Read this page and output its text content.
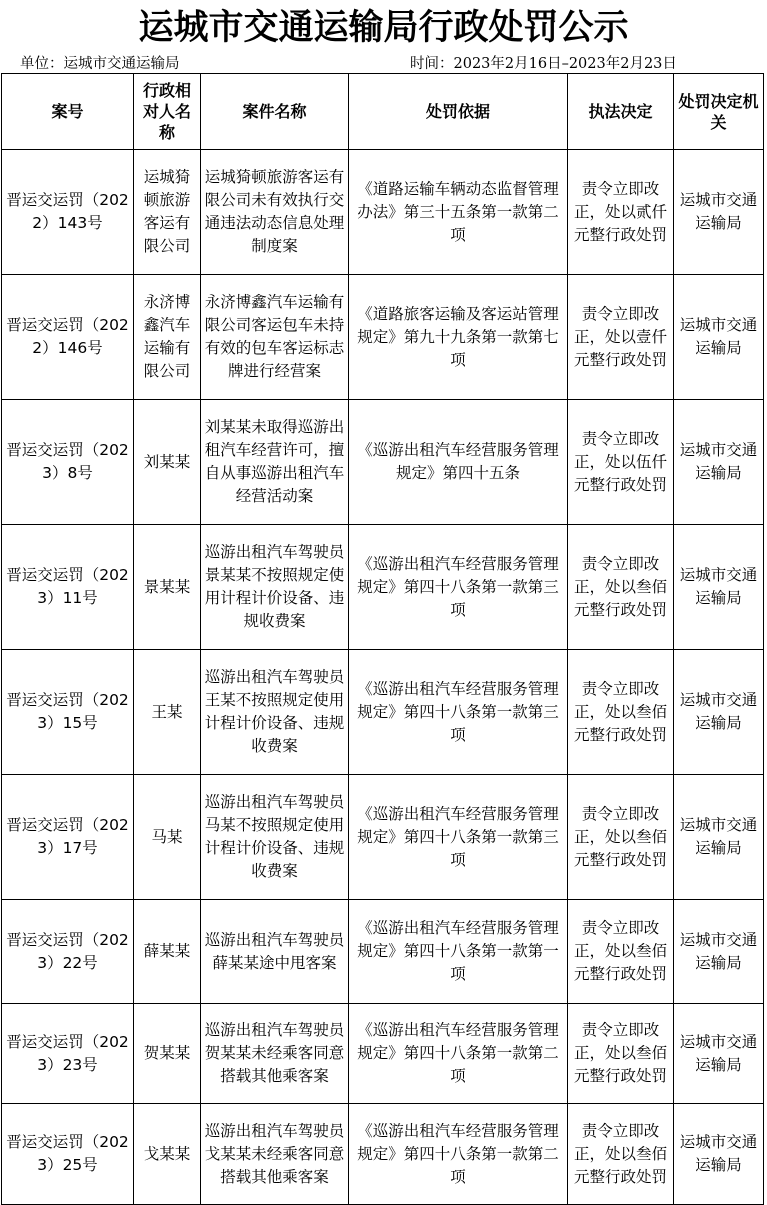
运城市交通运输局行政处罚公示
单位：运城市交通运输局	时间：2023年2月16日–2023年2月23日
案号	行政相对人名称	案件名称	处罚依据	执法决定	处罚决定机关
晋运交运罚（2022）143号	运城猗顿旅游客运有限公司	运城猗顿旅游客运有限公司未有效执行交通违法动态信息处理制度案	《道路运输车辆动态监督管理办法》第三十五条第一款第二项	责令立即改正，处以贰仟元整行政处罚	运城市交通运输局
晋运交运罚（2022）146号	永济博鑫汽车运输有限公司	永济博鑫汽车运输有限公司客运包车未持有效的包车客运标志牌进行经营案	《道路旅客运输及客运站管理规定》第九十九条第一款第七项	责令立即改正，处以壹仟元整行政处罚	运城市交通运输局
晋运交运罚（2023）8号	刘某某	刘某某未取得巡游出租汽车经营许可，擅自从事巡游出租汽车经营活动案	《巡游出租汽车经营服务管理规定》第四十五条	责令立即改正，处以伍仟元整行政处罚	运城市交通运输局
晋运交运罚（2023）11号	景某某	巡游出租汽车驾驶员景某某不按照规定使用计程计价设备、违规收费案	《巡游出租汽车经营服务管理规定》第四十八条第一款第三项	责令立即改正，处以叁佰元整行政处罚	运城市交通运输局
晋运交运罚（2023）15号	王某	巡游出租汽车驾驶员王某不按照规定使用计程计价设备、违规收费案	《巡游出租汽车经营服务管理规定》第四十八条第一款第三项	责令立即改正，处以叁佰元整行政处罚	运城市交通运输局
晋运交运罚（2023）17号	马某	巡游出租汽车驾驶员马某不按照规定使用计程计价设备、违规收费案	《巡游出租汽车经营服务管理规定》第四十八条第一款第三项	责令立即改正，处以叁佰元整行政处罚	运城市交通运输局
晋运交运罚（2023）22号	薛某某	巡游出租汽车驾驶员薛某某途中甩客案	《巡游出租汽车经营服务管理规定》第四十八条第一款第一项	责令立即改正，处以叁佰元整行政处罚	运城市交通运输局
晋运交运罚（2023）23号	贺某某	巡游出租汽车驾驶员贺某某未经乘客同意搭载其他乘客案	《巡游出租汽车经营服务管理规定》第四十八条第一款第二项	责令立即改正，处以叁佰元整行政处罚	运城市交通运输局
晋运交运罚（2023）25号	戈某某	巡游出租汽车驾驶员戈某某未经乘客同意搭载其他乘客案	《巡游出租汽车经营服务管理规定》第四十八条第一款第二项	责令立即改正，处以叁佰元整行政处罚	运城市交通运输局
